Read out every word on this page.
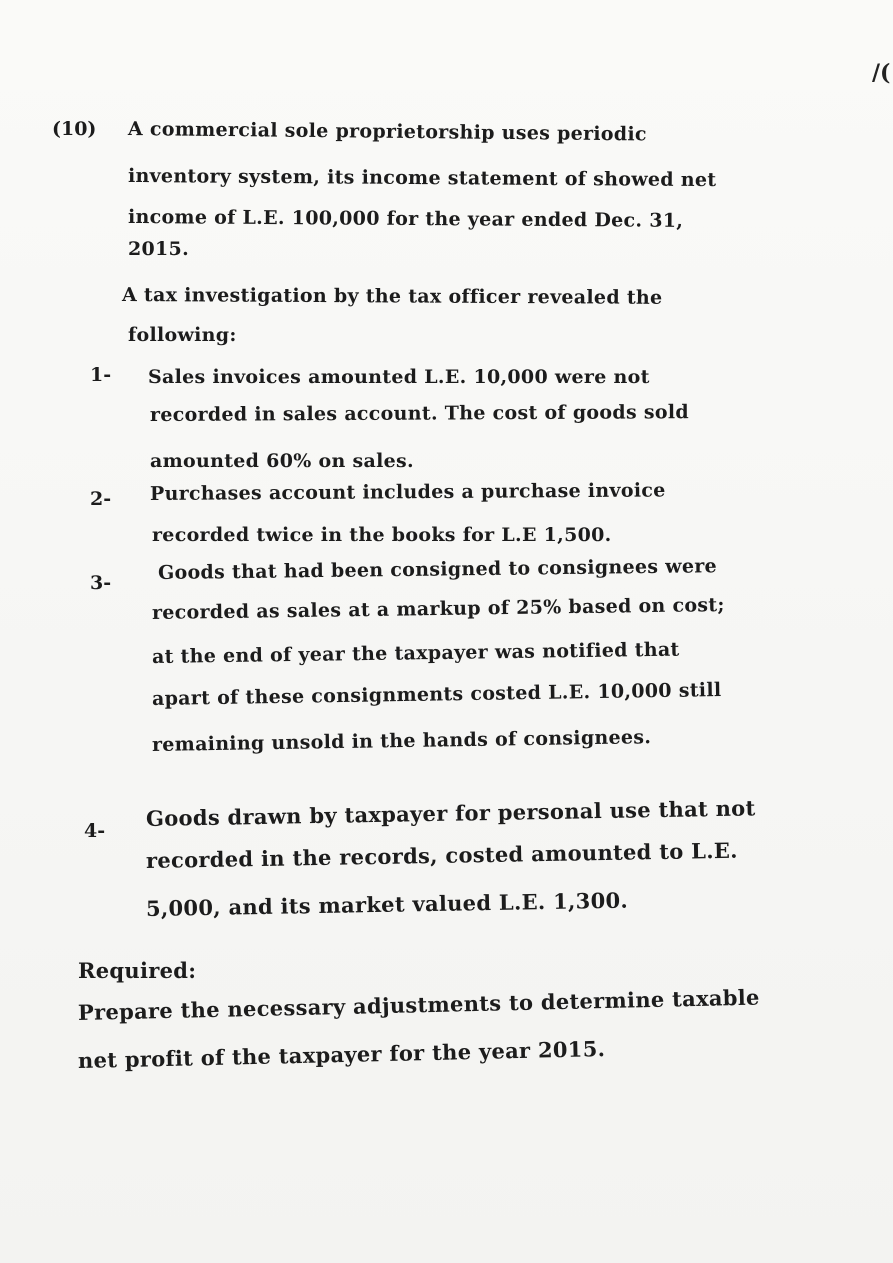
/(
(10) A commercial sole proprietorship uses periodic
inventory system, its income statement of showed net
income of L.E. 100,000 for the year ended Dec. 31,
2015.
A tax investigation by the tax officer revealed the
following:
1- Sales invoices amounted L.E. 10,000 were not
recorded in sales account. The cost of goods sold
amounted 60% on sales.
2- Purchases account includes a purchase invoice
recorded twice in the books for L.E 1,500.
3- Goods that had been consigned to consignees were
recorded as sales at a markup of 25% based on cost;
at the end of year the taxpayer was notified that
apart of these consignments costed L.E. 10,000 still
remaining unsold in the hands of consignees.
4-
Goods drawn by taxpayer for personal use that not
recorded in the records, costed amounted to L.E.
5,000, and its market valued L.E. 1,300.
Required:
Prepare the necessary adjustments to determine taxable
net profit of the taxpayer for the year 2015.
